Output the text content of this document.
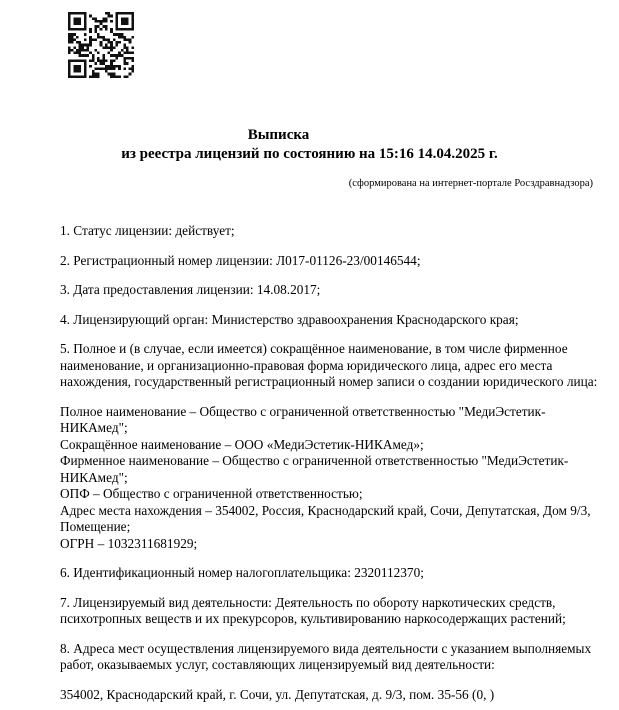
Выписка
из реестра лицензий по состоянию на 15:16 14.04.2025 г.
(сформирована на интернет-портале Росздравнадзора)
1. Статус лицензии: действует;
2. Регистрационный номер лицензии: Л017-01126-23/00146544;
3. Дата предоставления лицензии: 14.08.2017;
4. Лицензирующий орган: Министерство здравоохранения Краснодарского края;
5. Полное и (в случае, если имеется) сокращённое наименование, в том числе фирменное наименование, и организационно-правовая форма юридического лица, адрес его места нахождения, государственный регистрационный номер записи о создании юридического лица:
Полное наименование – Общество с ограниченной ответственностью "МедиЭстетик-НИКАмед";
Сокращённое наименование – ООО «МедиЭстетик-НИКАмед»;
Фирменное наименование – Общество с ограниченной ответственностью "МедиЭстетик-НИКАмед";
ОПФ – Общество с ограниченной ответственностью;
Адрес места нахождения – 354002, Россия, Краснодарский край, Сочи, Депутатская, Дом 9/3, Помещение;
ОГРН – 1032311681929;
6. Идентификационный номер налогоплательщика: 2320112370;
7. Лицензируемый вид деятельности: Деятельность по обороту наркотических средств, психотропных веществ и их прекурсоров, культивированию наркосодержащих растений;
8. Адреса мест осуществления лицензируемого вида деятельности с указанием выполняемых работ, оказываемых услуг, составляющих лицензируемый вид деятельности:
354002, Краснодарский край, г. Сочи, ул. Депутатская, д. 9/3, пом. 35-56 (0, )
